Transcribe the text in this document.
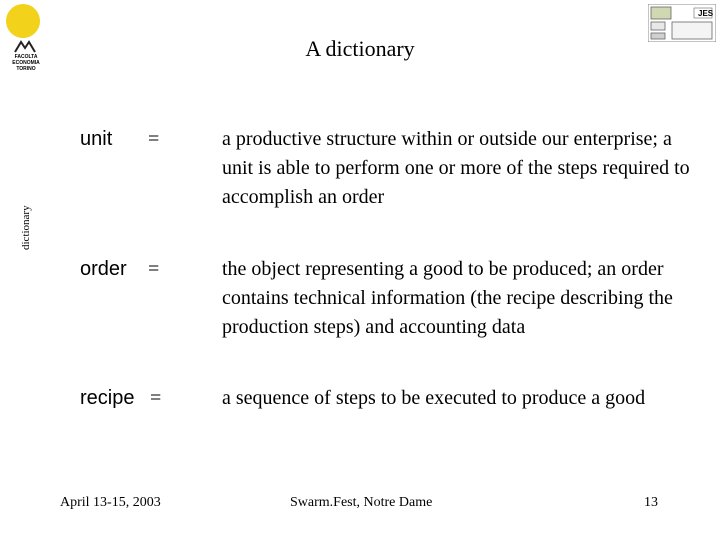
FACOLTA ECONOMIA TORINO
JES
A dictionary
dictionary
unit =	a productive structure within or outside our enterprise; a unit is able to perform one or more of the steps required to accomplish an order
order =	the object representing a good to be produced; an order contains technical information (the recipe describing the production steps) and accounting data
recipe =	a sequence of steps to be executed to produce a good
April 13-15, 2003	Swarm.Fest, Notre Dame	13
